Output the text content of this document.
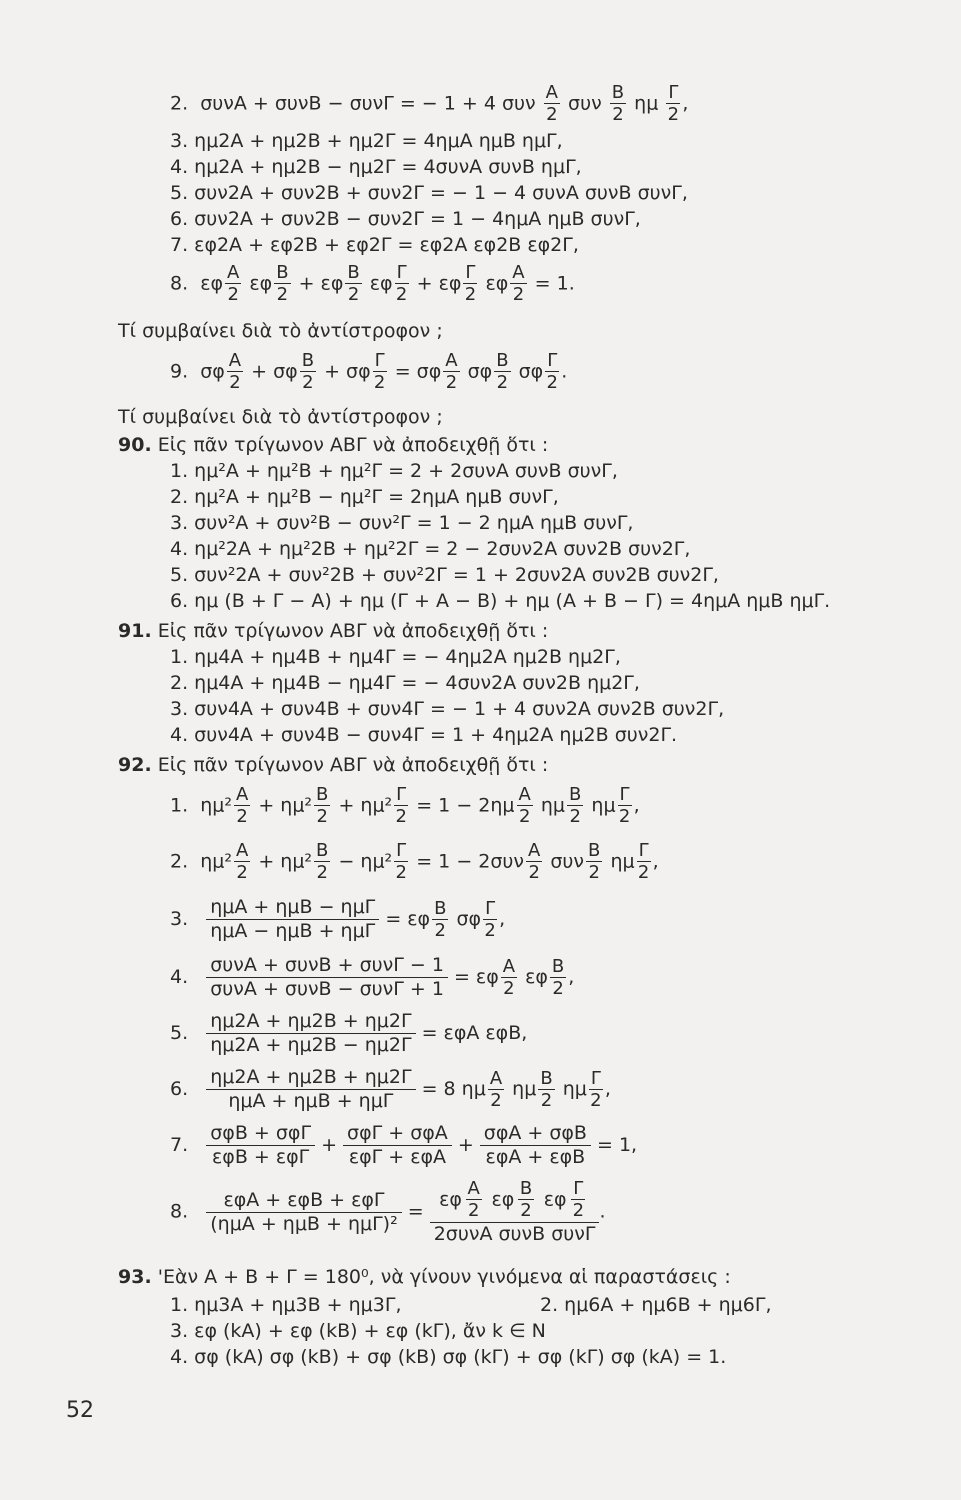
2. συνA + συνB − συνΓ = − 1 + 4 συν $\frac{A}{2}$ συν $\frac{B}{2}$ ημ $\frac{\Gamma}{2}$ ,
3. ημ2A + ημ2B + ημ2Γ = 4ημA ημB ημΓ,
4. ημ2A + ημ2B − ημ2Γ = 4συνA συνB ημΓ,
5. συν2A + συν2B + συν2Γ = − 1 − 4 συνA συνB συνΓ,
6. συν2A + συν2B − συν2Γ = 1 − 4ημA ημB συνΓ,
7. εφ2A + εφ2B + εφ2Γ = εφ2A εφ2B εφ2Γ,
8.  εφ $\frac{A}{2}$ εφ $\frac{B}{2} + \varepsilon\varphi \frac{B}{2}$ εφ $\frac{\Gamma}{2} + \varepsilon\varphi \frac{\Gamma}{2}$ εφ $\frac{A}{2} = 1$.
Τί συμβαίνει διὰ τὸ ἀντίστροφον ;
9.  σφ $\frac{A}{2} + \sigma\varphi \frac{B}{2} + \sigma\varphi \frac{\Gamma}{2} = \sigma\varphi \frac{A}{2}$ σφ $\frac{B}{2}$ σφ $\frac{\Gamma}{2}$ .
Τί συμβαίνει διὰ τὸ ἀντίστροφον ;
90. Εἰς πᾶν τρίγωνον ΑΒΓ νὰ ἀποδειχθῇ ὅτι :
1. ημ²A + ημ²B + ημ²Γ = 2 + 2συνA συνB συνΓ,
2. ημ²A + ημ²B − ημ²Γ = 2ημA ημB συνΓ,
3. συν²A + συν²B − συν²Γ = 1 − 2 ημA ημB συνΓ,
4. ημ²2A + ημ²2B + ημ²2Γ = 2 − 2συν2A συν2B συν2Γ,
5. συν²2A + συν²2B + συν²2Γ = 1 + 2συν2A συν2B συν2Γ,
6. ημ (B + Γ − A) + ημ (Γ + A − B) + ημ (A + B − Γ) = 4ημA ημB ημΓ.
91. Εἰς πᾶν τρίγωνον ΑΒΓ νὰ ἀποδειχθῇ ὅτι :
1. ημ4A + ημ4B + ημ4Γ = − 4ημ2A ημ2B ημ2Γ,
2. ημ4A + ημ4B − ημ4Γ = − 4συν2A συν2B ημ2Γ,
3. συν4A + συν4B + συν4Γ = − 1 + 4 συν2A συν2B συν2Γ,
4. συν4A + συν4B − συν4Γ = 1 + 4ημ2A ημ2B συν2Γ.
92. Εἰς πᾶν τρίγωνον ΑΒΓ νὰ ἀποδειχθῇ ὅτι :
1.  $\eta\mu^2 \frac{A}{2} + \eta\mu^2 \frac{B}{2} + \eta\mu^2 \frac{\Gamma}{2} = 1 - 2\eta\mu \frac{A}{2}$ ημ $\frac{B}{2}$ ημ $\frac{\Gamma}{2}$ ,
2.  $\eta\mu^2 \frac{A}{2} + \eta\mu^2 \frac{B}{2} - \eta\mu^2 \frac{\Gamma}{2} = 1 - 2\sigma\upsilon\nu \frac{A}{2}$ συν $\frac{B}{2}$ ημ $\frac{\Gamma}{2}$ ,
3. $\frac{\text{ημA + ημB − ημΓ}}{\text{ημA − ημB + ημΓ}} = \varepsilon\varphi \frac{B}{2}$ σφ $\frac{\Gamma}{2}$ ,
4. $\frac{\text{συνA + συνB + συνΓ − 1}}{\text{συνA + συνB − συνΓ + 1}} = \varepsilon\varphi \frac{A}{2}$ εφ $\frac{B}{2}$ ,
5. $\frac{\eta\mu 2A + \eta\mu 2B + \eta\mu 2\Gamma}{\eta\mu 2A + \eta\mu 2B - \eta\mu 2\Gamma} = \varepsilon\varphi A$ εφB,
6. $\frac{\eta\mu 2A + \eta\mu 2B + \eta\mu 2\Gamma}{\text{ημA + ημB + ημΓ}} = 8$ ημ $\frac{A}{2}$ ημ $\frac{B}{2}$ ημ $\frac{\Gamma}{2}$ ,
7. $\frac{\text{σφB + σφΓ}}{\text{εφB + εφΓ}} + \frac{\text{σφΓ + σφA}}{\text{εφΓ + εφA}} + \frac{\text{σφA + σφB}}{\text{εφA + εφB}} = 1$,
8. $\frac{\text{εφA + εφB + εφΓ}}{\text{(ημA + ημB + ημΓ)²}} = \frac{\varepsilon\varphi \frac{A}{2} \varepsilon\varphi \frac{B}{2} \varepsilon\varphi \frac{\Gamma}{2}}{\text{2συνA συνB συνΓ}}$ .
93. 'Εὰν A + B + Γ = 180⁰, νὰ γίνουν γινόμενα αἱ παραστάσεις :
1. ημ3A + ημ3B + ημ3Γ,	2. ημ6A + ημ6B + ημ6Γ,
3. εφ (kA) + εφ (kB) + εφ (kΓ), ἄν k ∈ N
4. σφ (kA) σφ (kB) + σφ (kB) σφ (kΓ) + σφ (kΓ) σφ (kA) = 1.
52
